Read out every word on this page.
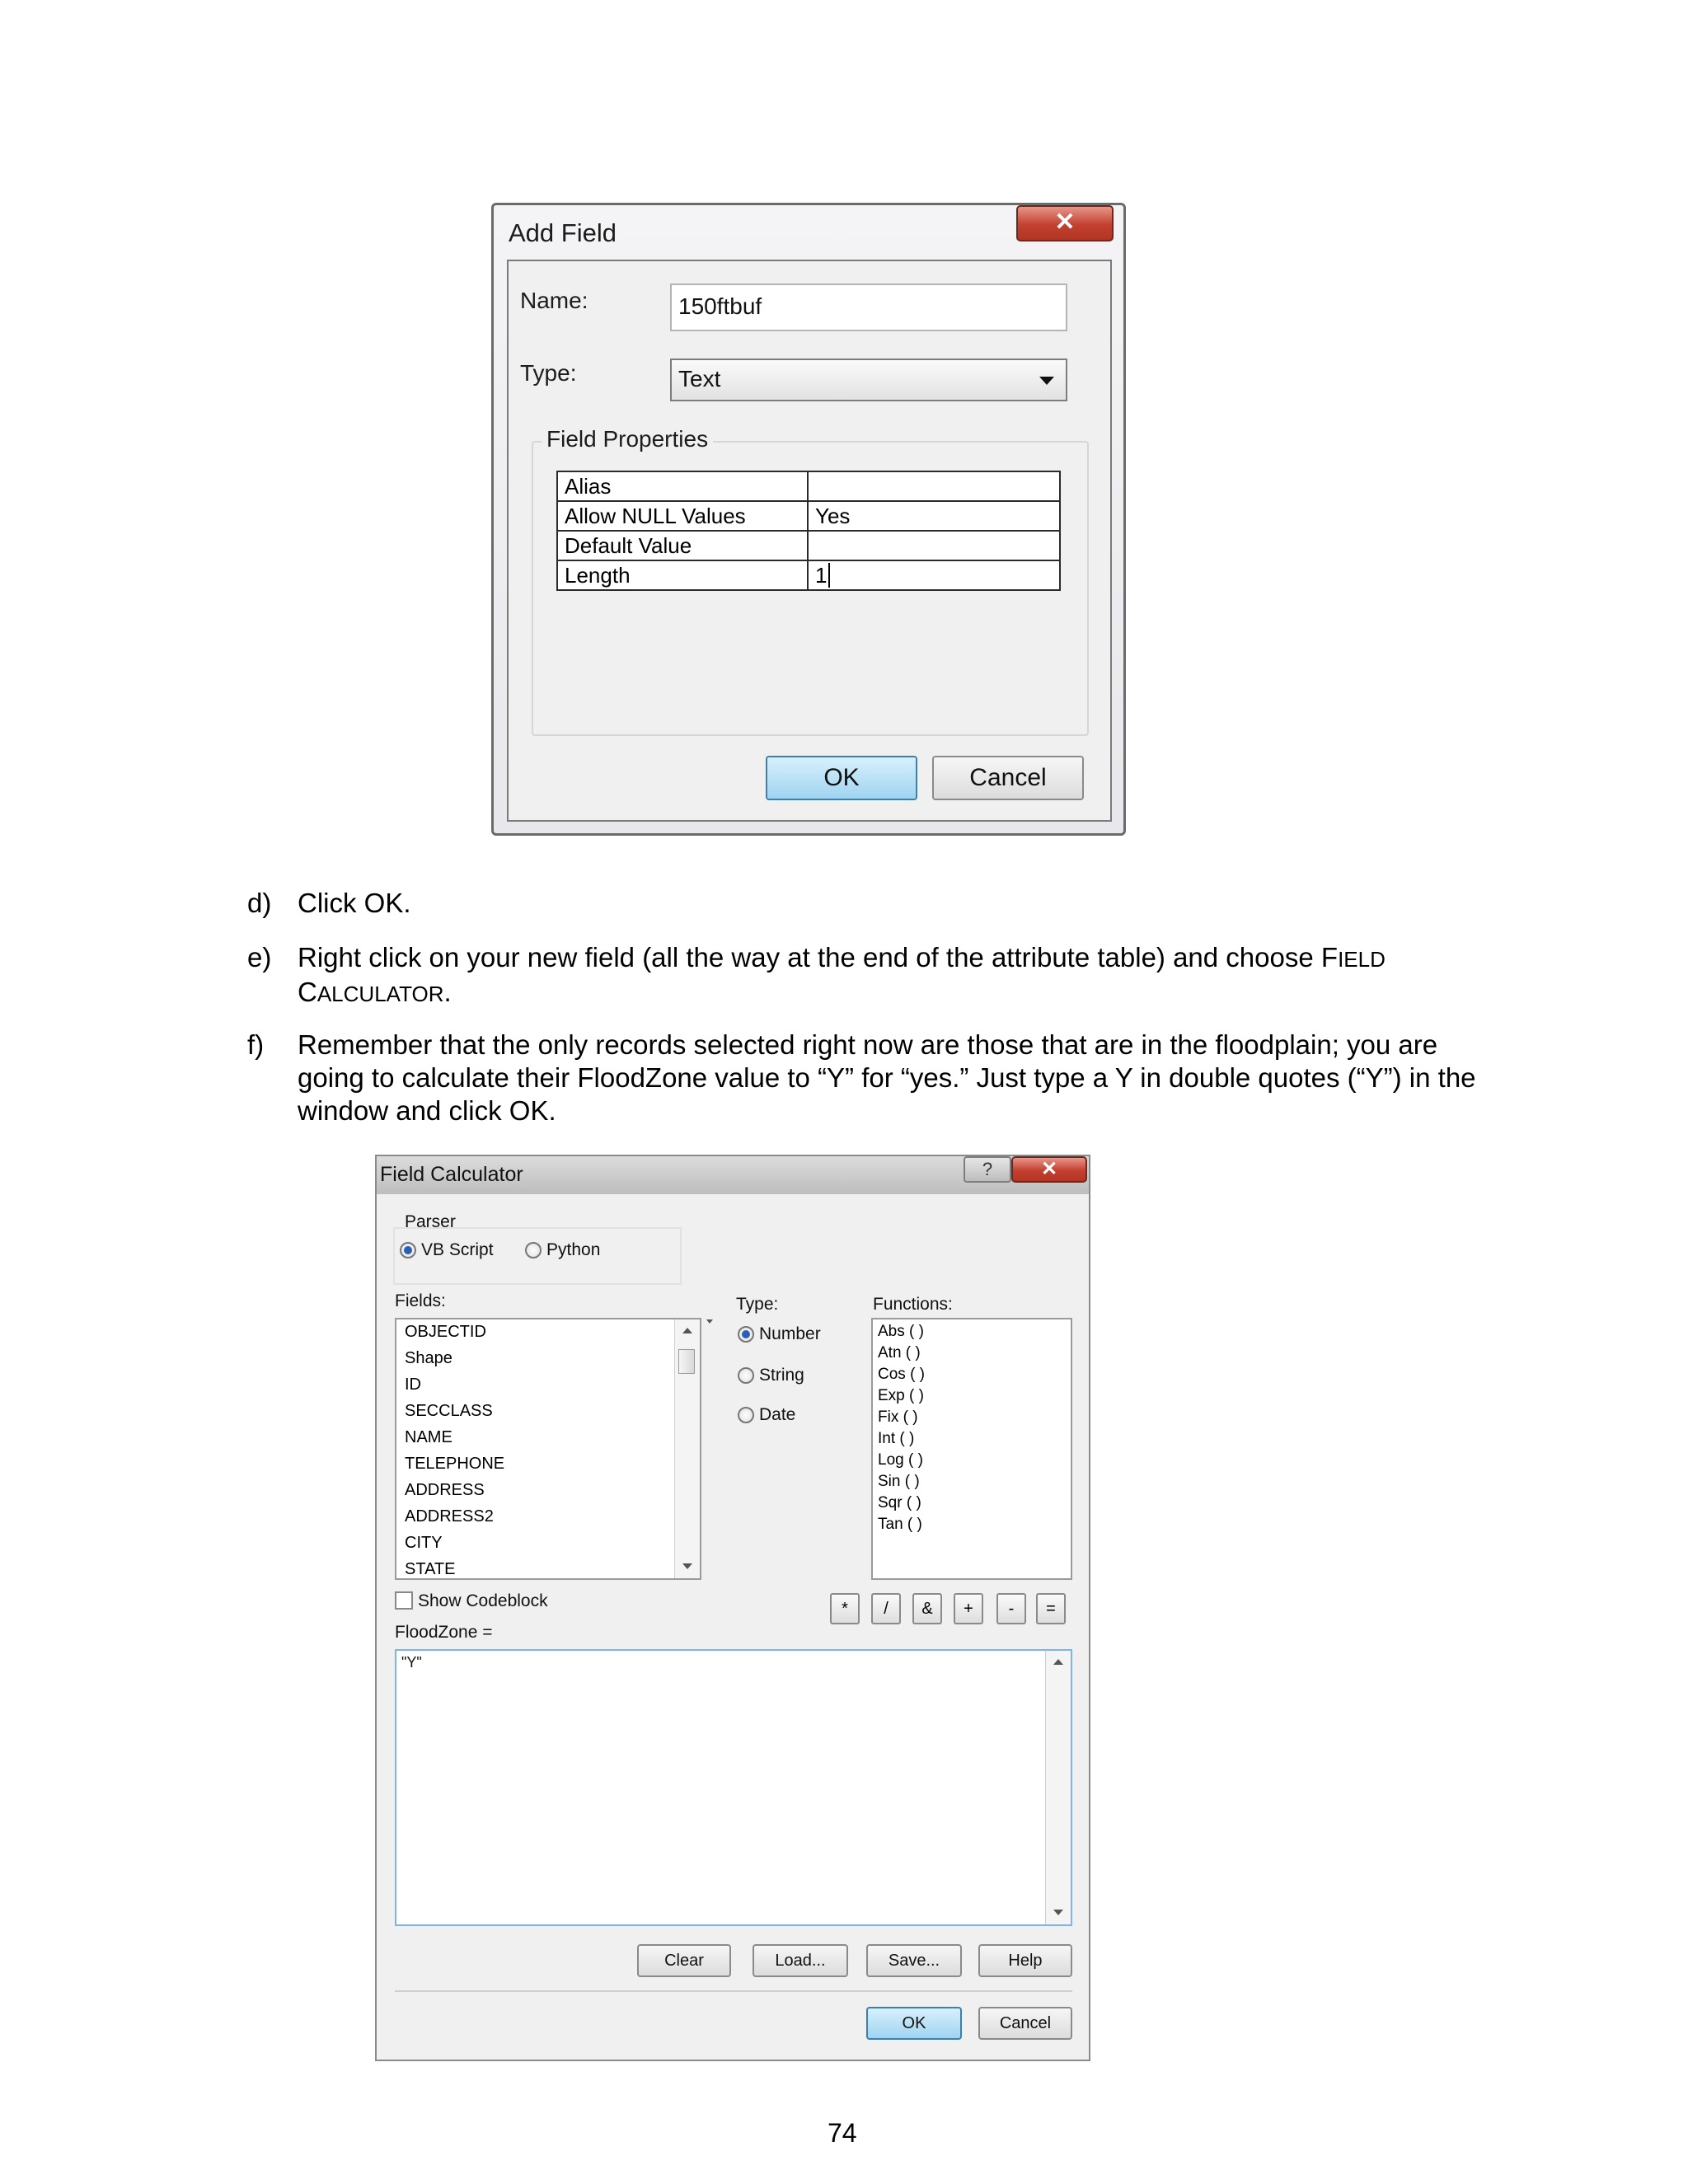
Add Field	✕
Name:	150ftbuf
Type:	Text
Field Properties
Alias	
Allow NULL Values	Yes
Default Value	
Length	1
OK	Cancel
d) Click OK.
e) Right click on your new field (all the way at the end of the attribute table) and choose FIELD CALCULATOR.
f) Remember that the only records selected right now are those that are in the floodplain; you are going to calculate their FloodZone value to “Y” for “yes.” Just type a Y in double quotes (“Y”) in the window and click OK.
Field Calculator	?	✕
Parser
VB Script	Python
Fields:
OBJECTID
Shape
ID
SECCLASS
NAME
TELEPHONE
ADDRESS
ADDRESS2
CITY
STATE
Type:
Number
String
Date
Functions:
Abs ( )
Atn ( )
Cos ( )
Exp ( )
Fix ( )
Int ( )
Log ( )
Sin ( )
Sqr ( )
Tan ( )
Show Codeblock	*	/	&	+	-	=
FloodZone =
"Y"
Clear	Load...	Save...	Help
OK	Cancel
74
